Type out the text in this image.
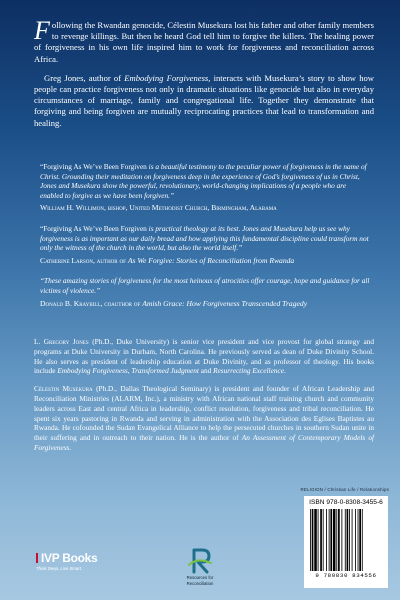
Following the Rwandan genocide, Célestin Musekura lost his father and other family members to revenge killings. But then he heard God tell him to forgive the killers. The healing power of forgiveness in his own life inspired him to work for forgiveness and reconciliation across Africa.

Greg Jones, author of Embodying Forgiveness, interacts with Musekura’s story to show how people can practice forgiveness not only in dramatic situations like genocide but also in everyday circumstances of marriage, family and congregational life. Together they demonstrate that forgiving and being forgiven are mutually reciprocating practices that lead to transformation and healing.

“Forgiving As We’ve Been Forgiven is a beautiful testimony to the peculiar power of forgiveness in the name of Christ. Grounding their meditation on forgiveness deep in the experience of God’s forgiveness of us in Christ, Jones and Musekura show the powerful, revolutionary, world-changing implications of a people who are enabled to forgive as we have been forgiven.”
William H. Willimon, bishop, United Methodist Church, Birmingham, Alabama
“Forgiving As We’ve Been Forgiven is practical theology at its best. Jones and Musekura help us see why forgiveness is as important as our daily bread and how applying this fundamental discipline could transform not only the witness of the church in the world, but also the world itself.”
Catherine Larson, author of As We Forgive: Stories of Reconciliation from Rwanda
“These amazing stories of forgiveness for the most heinous of atrocities offer courage, hope and guidance for all victims of violence.”
Donald B. Kraybill, coauthor of Amish Grace: How Forgiveness Transcended Tragedy

L. Gregory Jones (Ph.D., Duke University) is senior vice president and vice provost for global strategy and programs at Duke University in Durham, North Carolina. He previously served as dean of Duke Divinity School. He also serves as president of leadership education at Duke Divinity, and as professor of theology. His books include Embodying Forgiveness, Transformed Judgment and Resurrecting Excellence.

Célestin Musekura (Ph.D., Dallas Theological Seminary) is president and founder of African Leadership and Reconciliation Ministries (ALARM, Inc.), a ministry with African national staff training church and community leaders across East and central Africa in leadership, conflict resolution, forgiveness and tribal reconciliation. He spent six years pastoring in Rwanda and serving in administration with the Association des Eglises Baptistes au Rwanda. He cofounded the Sudan Evangelical Alliance to help the persecuted churches in southern Sudan unite in their suffering and in outreach to their nation. He is the author of An Assessment of Contemporary Models of Forgiveness.

RELIGION / Christian Life / Relationships
ISBN 978-0-8308-3455-6
9 780830 834556
IVP Books
Think Deep. Live Smart.
Resources for
Reconciliation
